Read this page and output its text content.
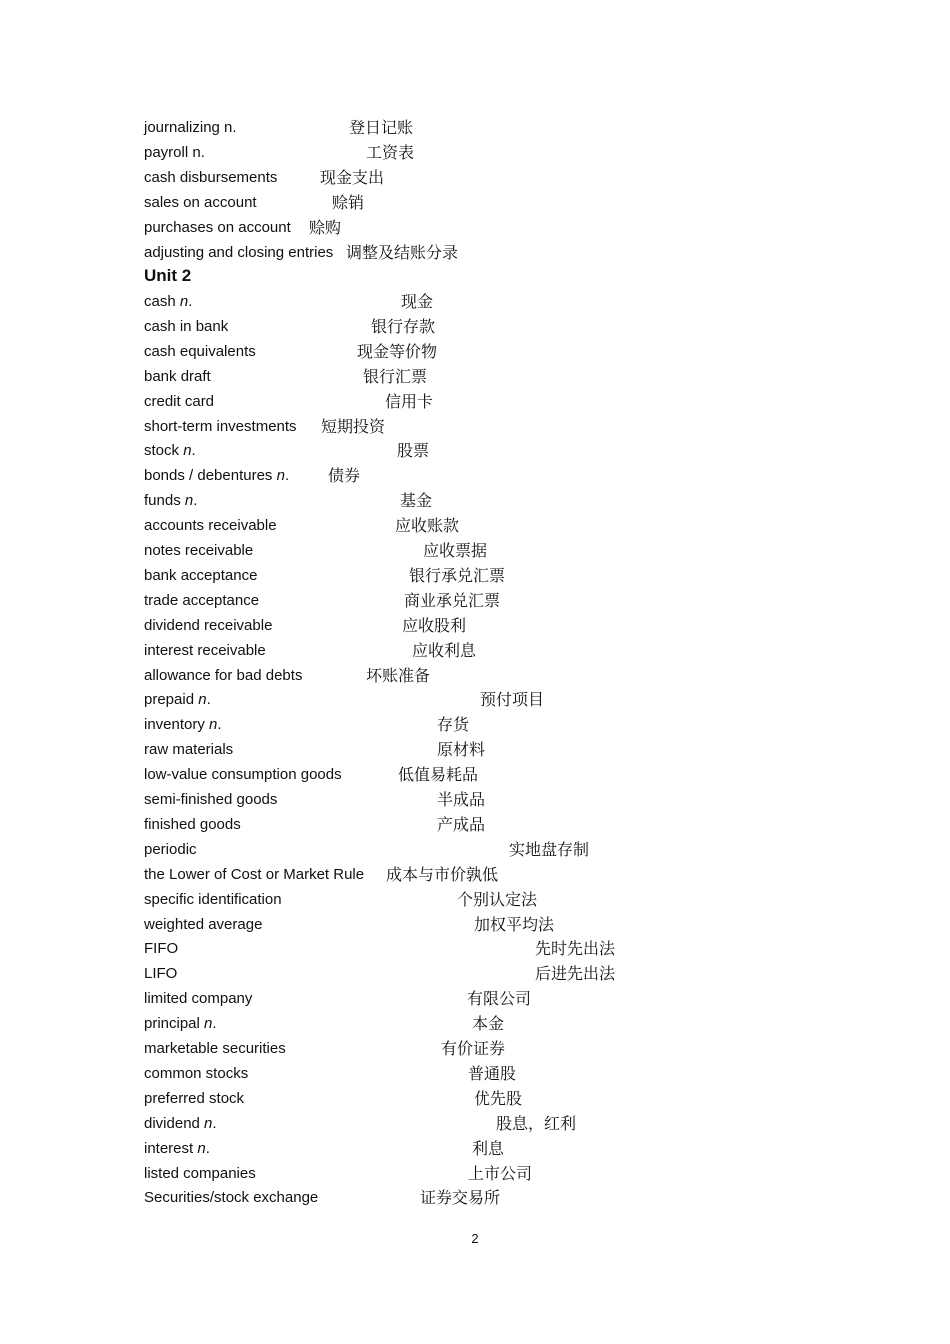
journalizing n.	登日记账
payroll n.	工资表
cash disbursements	现金支出
sales on account	赊销
purchases on account 赊购
adjusting and closing entries 调整及结账分录
Unit 2
cash n.	现金
cash in bank	银行存款
cash equivalents	现金等价物
bank draft	银行汇票
credit card	信用卡
short-term investments 短期投资
stock n.	股票
bonds / debentures n. 债券
funds n.	基金
accounts receivable	应收账款
notes receivable	应收票据
bank acceptance	银行承兑汇票
trade acceptance	商业承兑汇票
dividend receivable	应收股利
interest receivable	应收利息
allowance for bad debts	坏账准备
prepaid n.	预付项目
inventory n.	存货
raw materials	原材料
low-value consumption goods	低值易耗品
semi-finished goods	半成品
finished goods	产成品
periodic	实地盘存制
the Lower of Cost or Market Rule 成本与市价孰低
specific identification	个别认定法
weighted average	加权平均法
FIFO	先时先出法
LIFO	后进先出法
limited company	有限公司
principal n.	本金
marketable securities	有价证券
common stocks	普通股
preferred stock	优先股
dividend n.	股息，红利
interest n.	利息
listed companies	上市公司
Securities/stock exchange	证券交易所
2
